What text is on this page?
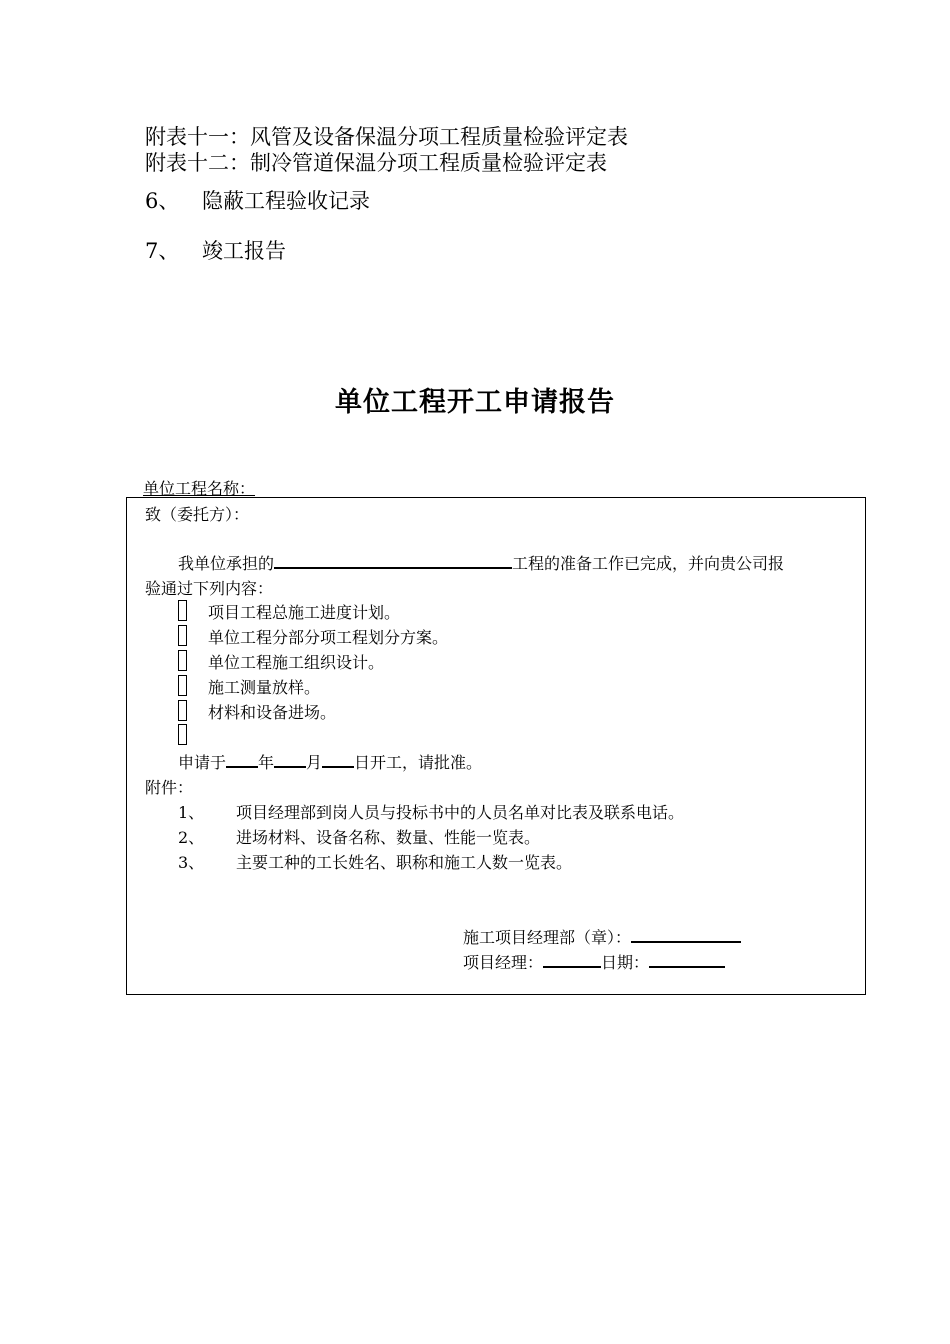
附表十一：风管及设备保温分项工程质量检验评定表
附表十二：制冷管道保温分项工程质量检验评定表
6、 隐蔽工程验收记录
7、 竣工报告
单位工程开工申请报告
单位工程名称：
致（委托方）：
我单位承担的	工程的准备工作已完成，并向贵公司报
验通过下列内容：
项目工程总施工进度计划。
单位工程分部分项工程划分方案。
单位工程施工组织设计。
施工测量放样。
材料和设备进场。
申请于 年 月 日开工，请批准。
附件：
1、 项目经理部到岗人员与投标书中的人员名单对比表及联系电话。
2、 进场材料、设备名称、数量、性能一览表。
3、 主要工种的工长姓名、职称和施工人数一览表。
施工项目经理部（章）：
项目经理：	日期：
